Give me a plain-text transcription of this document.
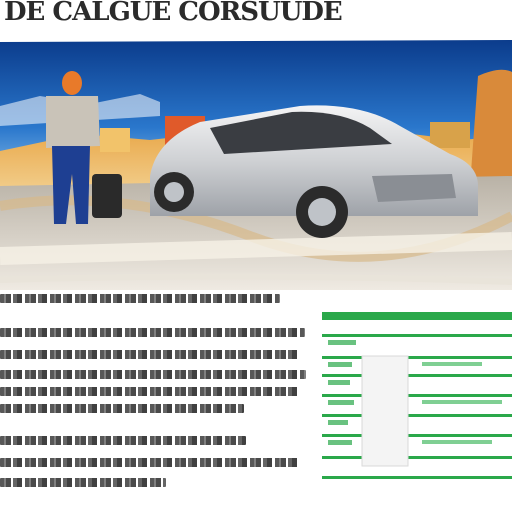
DE CALGUE CORSUUDE
